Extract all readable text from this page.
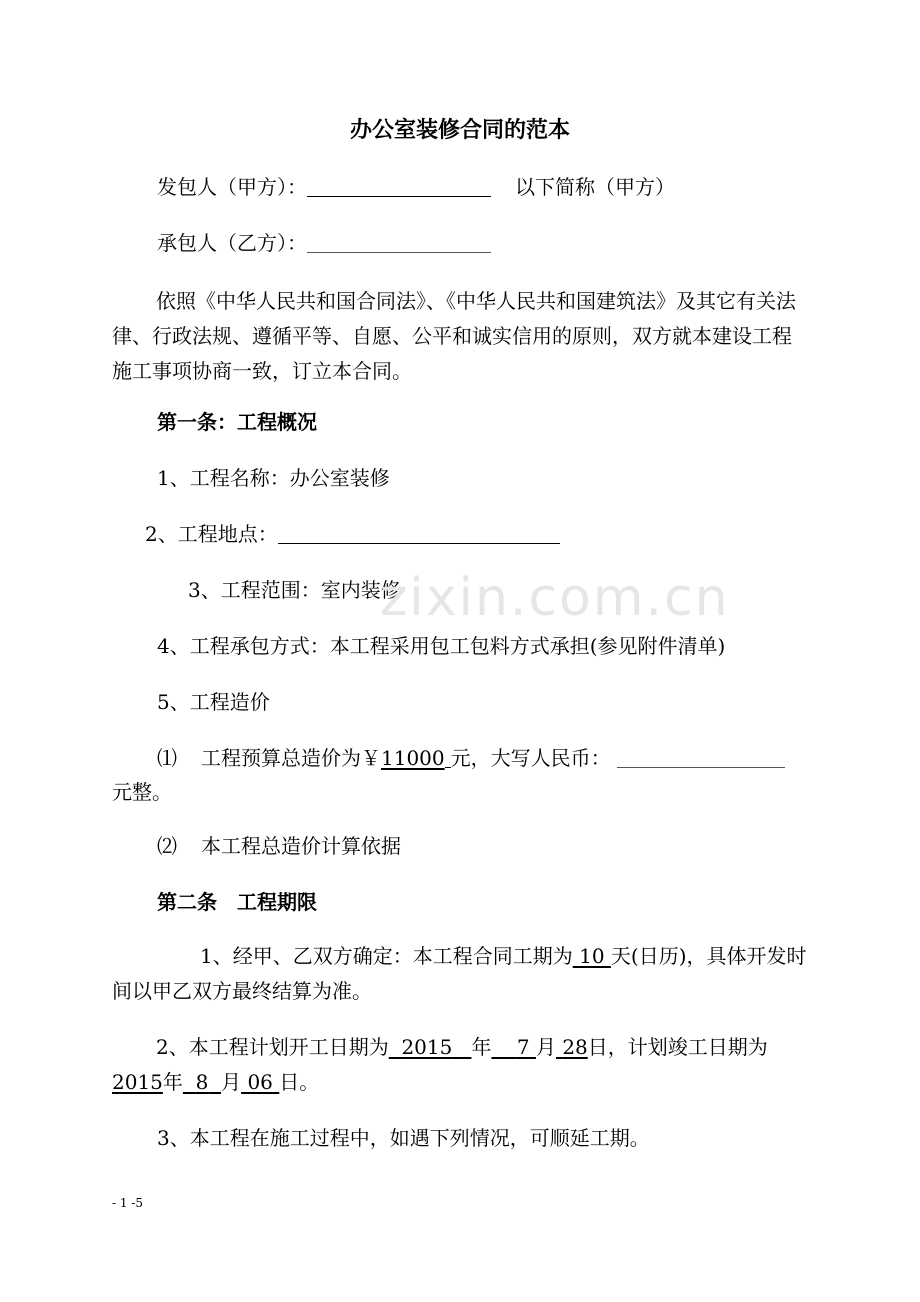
办公室装修合同的范本
发包人（甲方）：	以下简称（甲方）
承包人（乙方）：
依照《中华人民共和国合同法》、《中华人民共和国建筑法》及其它有关法律、行政法规、遵循平等、自愿、公平和诚实信用的原则，双方就本建设工程施工事项协商一致，订立本合同。
第一条：工程概况
1、工程名称：办公室装修
2、工程地点：
3、工程范围：室内装修
4、工程承包方式：本工程采用包工包料方式承担(参见附件清单)
5、工程造价
⑴ 工程预算总造价为￥11000 元，大写人民币：
元整。
⑵ 本工程总造价计算依据
第二条　工程期限
1、经甲、乙双方确定：本工程合同工期为 10 天(日历)，具体开发时间以甲乙双方最终结算为准。
2、本工程计划开工日期为 2015 年 7 月 28日，计划竣工日期为2015年 8 月 06 日。
3、本工程在施工过程中，如遇下列情况，可顺延工期。
zixin.com.cn
- 1 -5
